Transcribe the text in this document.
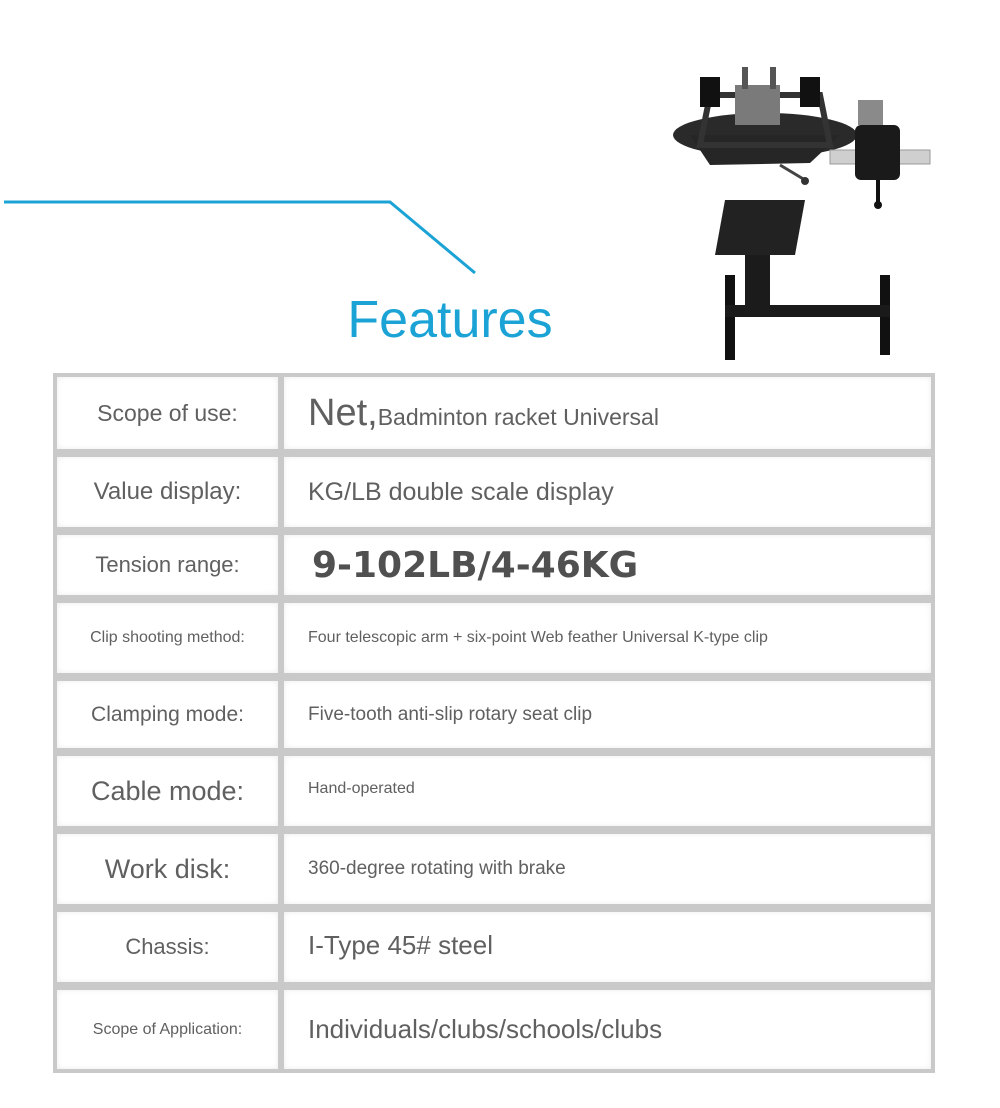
Features
Scope of use:	Net, Badminton racket Universal
Value display:	KG/LB double scale display
Tension range:	9-102LB/4-46KG
Clip shooting method:	Four telescopic arm + six-point Web feather Universal K-type clip
Clamping mode:	Five-tooth anti-slip rotary seat clip
Cable mode:	Hand-operated
Work disk:	360-degree rotating with brake
Chassis:	I-Type 45# steel
Scope of Application:	Individuals/clubs/schools/clubs
